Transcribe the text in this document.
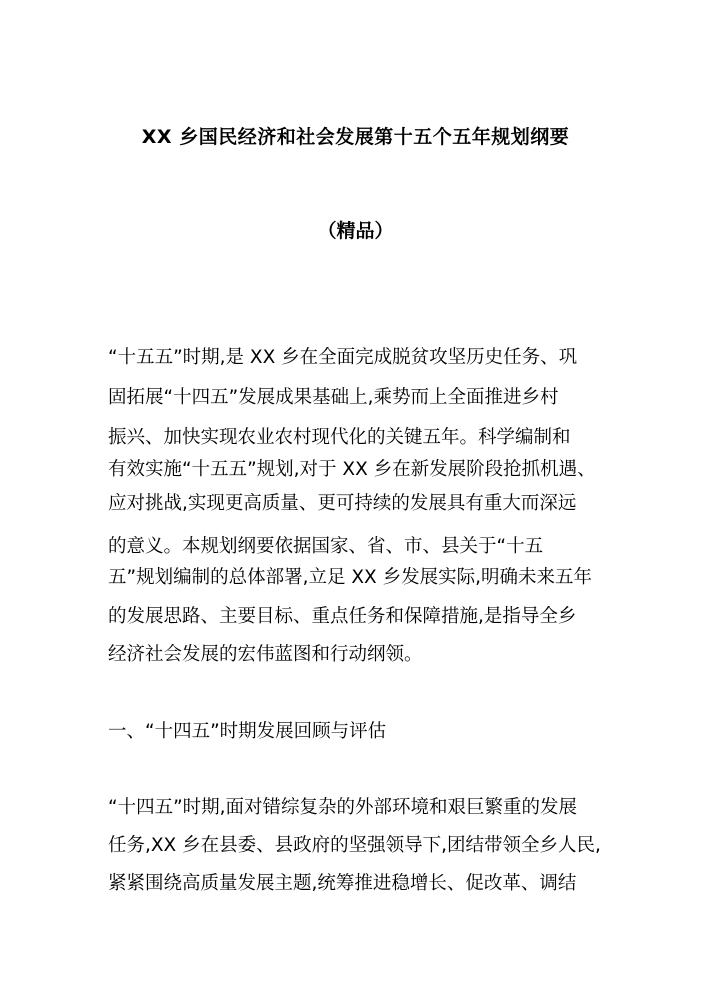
XX 乡国民经济和社会发展第十五个五年规划纲要
（精品）
“十五五”时期,是 XX 乡在全面完成脱贫攻坚历史任务、巩
固拓展“十四五”发展成果基础上,乘势而上全面推进乡村
振兴、加快实现农业农村现代化的关键五年。科学编制和
有效实施“十五五”规划,对于 XX 乡在新发展阶段抢抓机遇、
应对挑战,实现更高质量、更可持续的发展具有重大而深远
的意义。本规划纲要依据国家、省、市、县关于“十五
五”规划编制的总体部署,立足 XX 乡发展实际,明确未来五年
的发展思路、主要目标、重点任务和保障措施,是指导全乡
经济社会发展的宏伟蓝图和行动纲领。
一、“十四五”时期发展回顾与评估
“十四五”时期,面对错综复杂的外部环境和艰巨繁重的发展
任务,XX 乡在县委、县政府的坚强领导下,团结带领全乡人民,
紧紧围绕高质量发展主题,统筹推进稳增长、促改革、调结
